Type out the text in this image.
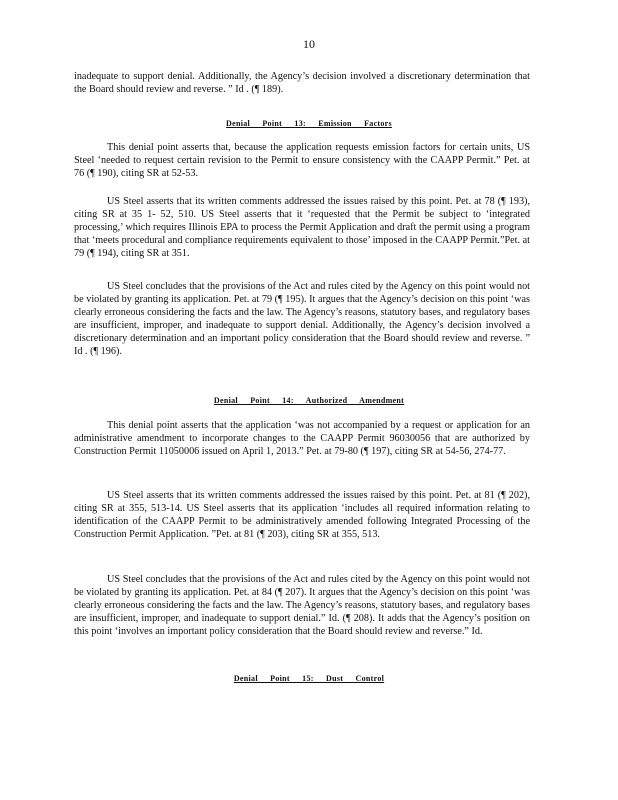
10

inadequate to support denial. Additionally, the Agency’s decision involved a discretionary determination that the Board should review and reverse. ” Id . (¶ 189).

Denial Point 13: Emission Factors

This denial point asserts that, because the application requests emission factors for certain units, US Steel ‘needed to request certain revision to the Permit to ensure consistency with the CAAPP Permit.” Pet. at 76 (¶ 190), citing SR at 52-53.

US Steel asserts that its written comments addressed the issues raised by this point. Pet. at 78 (¶ 193), citing SR at 35 1- 52, 510. US Steel asserts that it ‘requested that the Permit be subject to ‘integrated processing,’ which requires Illinois EPA to process the Permit Application and draft the permit using a program that ‘meets procedural and compliance requirements equivalent to those’ imposed in the CAAPP Permit.”Pet. at 79 (¶ 194), citing SR at 351.

US Steel concludes that the provisions of the Act and rules cited by the Agency on this point would not be violated by granting its application. Pet. at 79 (¶ 195). It argues that the Agency’s decision on this point ‘was clearly erroneous considering the facts and the law. The Agency’s reasons, statutory bases, and regulatory bases are insufficient, improper, and inadequate to support denial. Additionally, the Agency’s decision involved a discretionary determination and an important policy consideration that the Board should review and reverse. ” Id . (¶ 196).

Denial Point 14: Authorized Amendment

This denial point asserts that the application ‘was not accompanied by a request or application for an administrative amendment to incorporate changes to the CAAPP Permit 96030056 that are authorized by Construction Permit 11050006 issued on April 1, 2013.” Pet. at 79-80 (¶ 197), citing SR at 54-56, 274-77.

US Steel asserts that its written comments addressed the issues raised by this point. Pet. at 81 (¶ 202), citing SR at 355, 513-14. US Steel asserts that its application ‘includes all required information relating to identification of the CAAPP Permit to be administratively amended following Integrated Processing of the Construction Permit Application. ”Pet. at 81 (¶ 203), citing SR at 355, 513.

US Steel concludes that the provisions of the Act and rules cited by the Agency on this point would not be violated by granting its application. Pet. at 84 (¶ 207). It argues that the Agency’s decision on this point ‘was clearly erroneous considering the facts and the law. The Agency’s reasons, statutory bases, and regulatory bases are insufficient, improper, and inadequate to support denial.” Id. (¶ 208). It adds that the Agency’s position on this point ‘involves an important policy consideration that the Board should review and reverse.” Id.

Denial Point 15: Dust Control
